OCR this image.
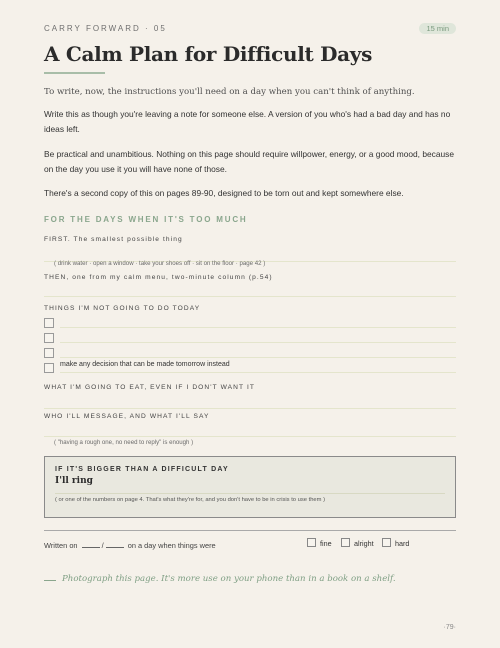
CARRY FORWARD · 05	15 min
A Calm Plan for Difficult Days

To write, now, the instructions you'll need on a day when you can't think of anything.

Write this as though you're leaving a note for someone else. A version of you who's had a bad day and has no ideas left.

Be practical and unambitious. Nothing on this page should require willpower, energy, or a good mood, because on the day you use it you will have none of those.

There's a second copy of this on pages 89-90, designed to be torn out and kept somewhere else.

FOR THE DAYS WHEN IT'S TOO MUCH
FIRST. The smallest possible thing
( drink water · open a window · take your shoes off · sit on the floor · page 42 )
THEN, one from my calm menu, two-minute column (p.54)
THINGS I'M NOT GOING TO DO TODAY
make any decision that can be made tomorrow instead
WHAT I'M GOING TO EAT, EVEN IF I DON'T WANT IT
WHO I'LL MESSAGE, AND WHAT I'LL SAY
( "having a rough one, no need to reply" is enough )
IF IT'S BIGGER THAN A DIFFICULT DAY
I'll ring
( or one of the numbers on page 4. That's what they're for, and you don't have to be in crisis to use them )
Written on	/	on a day when things were	fine	alright	hard
Photograph this page. It's more use on your phone than in a book on a shelf.
·79·
